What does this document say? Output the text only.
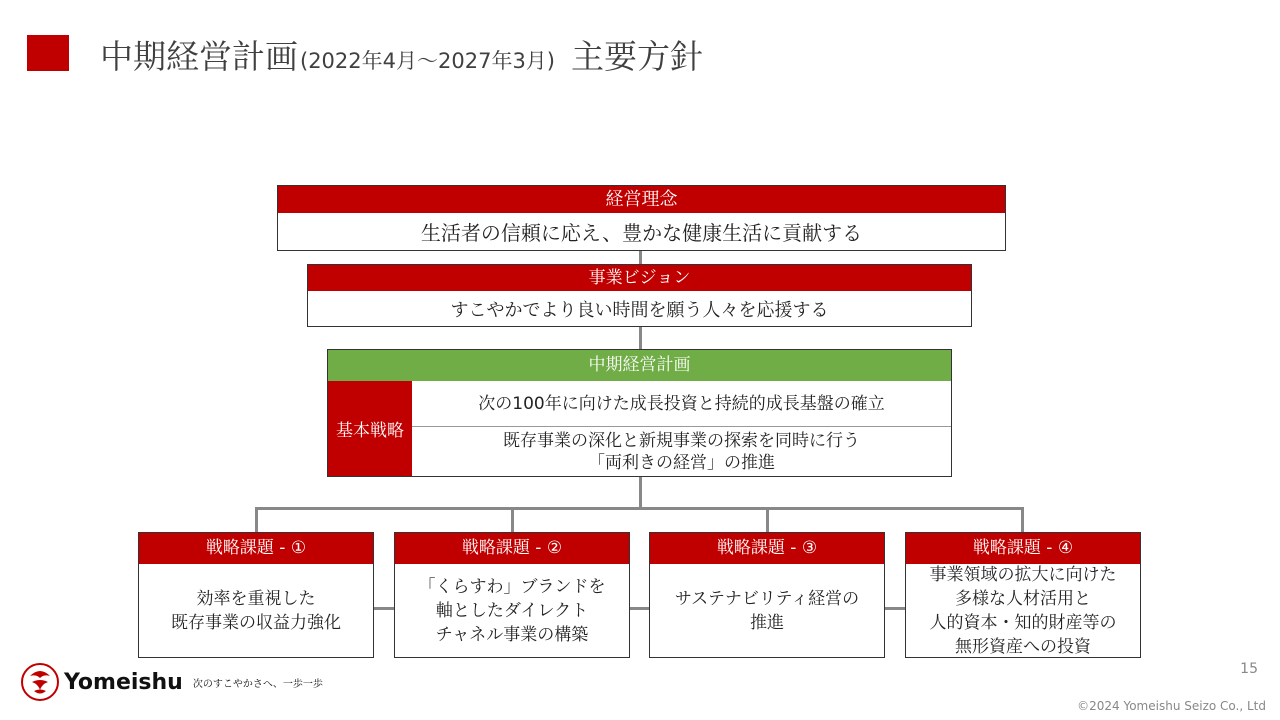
中期経営計画 (2022年4月～2027年3月) 主要方針
経営理念
生活者の信頼に応え、豊かな健康生活に貢献する
事業ビジョン
すこやかでより良い時間を願う人々を応援する
中期経営計画
基本戦略
次の100年に向けた成長投資と持続的成長基盤の確立
既存事業の深化と新規事業の探索を同時に行う
「両利きの経営」の推進
戦略課題 - ①
効率を重視した
既存事業の収益力強化
戦略課題 - ②
「くらすわ」ブランドを
軸としたダイレクト
チャネル事業の構築
戦略課題 - ③
サステナビリティ経営の
推進
戦略課題 - ④
事業領域の拡大に向けた
多様な人材活用と
人的資本・知的財産等の
無形資産への投資
Yomeishu 次のすこやかさへ、一歩一歩
15
©2024 Yomeishu Seizo Co., Ltd
